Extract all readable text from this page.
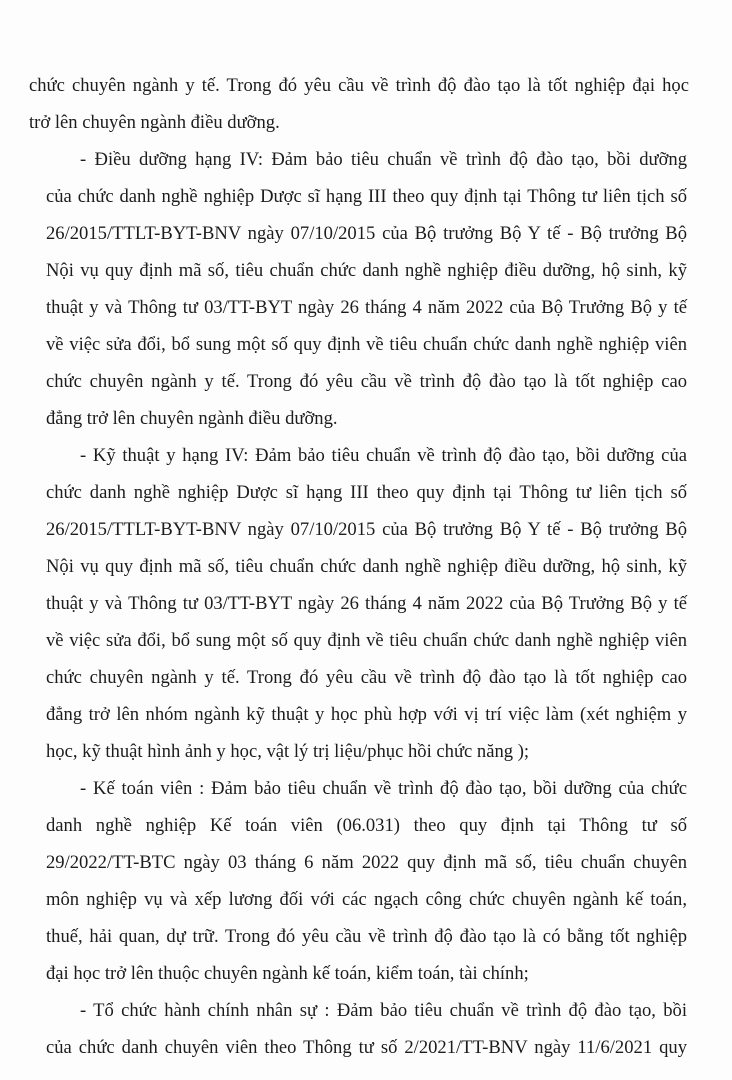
chức chuyên ngành y tế. Trong đó yêu cầu về trình độ đào tạo là tốt nghiệp đại học
trở lên chuyên ngành điều dưỡng.
- Điều dưỡng hạng IV: Đảm bảo tiêu chuẩn về trình độ đào tạo, bồi dưỡng
của chức danh nghề nghiệp Dược sĩ hạng III theo quy định tại Thông tư liên tịch số
26/2015/TTLT-BYT-BNV ngày 07/10/2015 của Bộ trưởng Bộ Y tế - Bộ trưởng Bộ
Nội vụ quy định mã số, tiêu chuẩn chức danh nghề nghiệp điều dưỡng, hộ sinh, kỹ
thuật y và Thông tư 03/TT-BYT ngày 26 tháng 4 năm 2022 của Bộ Trưởng Bộ y tế
về việc sửa đổi, bổ sung một số quy định về tiêu chuẩn chức danh nghề nghiệp viên
chức chuyên ngành y tế. Trong đó yêu cầu về trình độ đào tạo là tốt nghiệp cao
đẳng trở lên chuyên ngành điều dưỡng.
- Kỹ thuật y hạng IV: Đảm bảo tiêu chuẩn về trình độ đào tạo, bồi dưỡng của
chức danh nghề nghiệp Dược sĩ hạng III theo quy định tại Thông tư liên tịch số
26/2015/TTLT-BYT-BNV ngày 07/10/2015 của Bộ trưởng Bộ Y tế - Bộ trưởng Bộ
Nội vụ quy định mã số, tiêu chuẩn chức danh nghề nghiệp điều dưỡng, hộ sinh, kỹ
thuật y và Thông tư 03/TT-BYT ngày 26 tháng 4 năm 2022 của Bộ Trưởng Bộ y tế
về việc sửa đổi, bổ sung một số quy định về tiêu chuẩn chức danh nghề nghiệp viên
chức chuyên ngành y tế. Trong đó yêu cầu về trình độ đào tạo là tốt nghiệp cao
đẳng trở lên nhóm ngành kỹ thuật y học phù hợp với vị trí việc làm (xét nghiệm y
học, kỹ thuật hình ảnh y học, vật lý trị liệu/phục hồi chức năng );
- Kế toán viên : Đảm bảo tiêu chuẩn về trình độ đào tạo, bồi dưỡng của chức
danh nghề nghiệp Kế toán viên (06.031) theo quy định tại Thông tư số
29/2022/TT-BTC ngày 03 tháng 6 năm 2022 quy định mã số, tiêu chuẩn chuyên
môn nghiệp vụ và xếp lương đối với các ngạch công chức chuyên ngành kế toán,
thuế, hải quan, dự trữ. Trong đó yêu cầu về trình độ đào tạo là có bằng tốt nghiệp
đại học trở lên thuộc chuyên ngành kế toán, kiểm toán, tài chính;
- Tổ chức hành chính nhân sự : Đảm bảo tiêu chuẩn về trình độ đào tạo, bồi
của chức danh chuyên viên theo Thông tư số 2/2021/TT-BNV ngày 11/6/2021 quy
